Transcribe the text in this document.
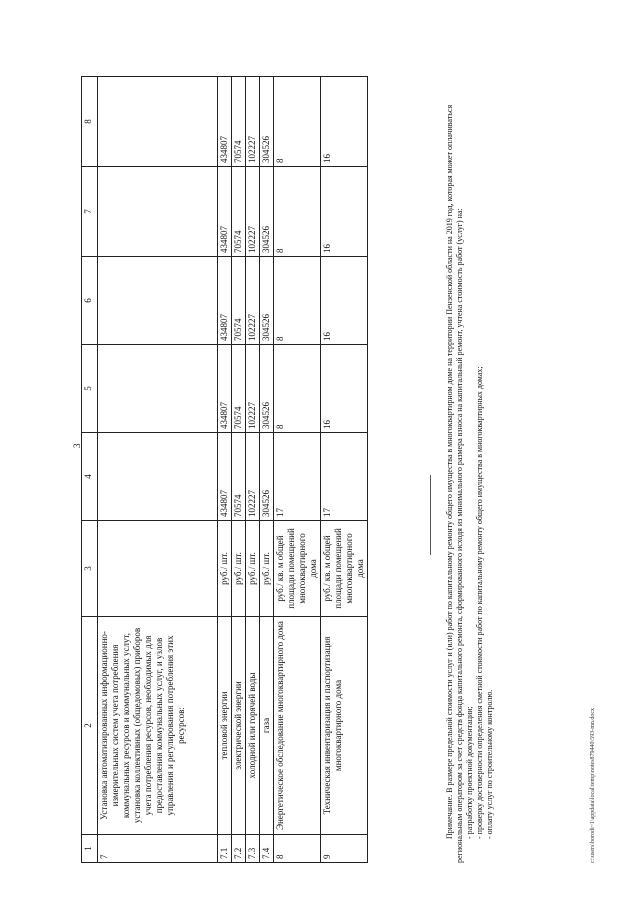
3
1	2	3	4	5	6	7	8
7	Установка автоматизированных информационно-измерительных систем учета потребления коммунальных ресурсов и коммунальных услут, установка коллективных (общедомовых) приборов учета потребления ресурсов, необходимых для предоставления коммунальных услуг, и узлов управления и регулирования потребления этих ресурсов:						
7.1	тепловой энергии	руб./ шт.	434807	434807	434807	434807	434807
7.2	электрической энергии	руб./ шт.	70574	70574	70574	70574	70574
7.3	холодной или горячей воды	руб./ шт.	102227	102227	102227	102227	102227
7.4	газа	руб./ шт.	304526	304526	304526	304526	304526
8	Энергетическое обследование многоквартирного дома	руб./ кв. м общей площади помещений многоквартирного дома	17	8	8	8	8
9	Техническая инвентаризация и паспортизация многоквартирного дома	руб./ кв. м общей площади помещений многоквартирного дома	17	16	16	16	16	Примечание. В размере предельной стоимости услуг и (или) работ по капитальному ремонту общего имущества в многоквартирном доме на территории Пензенской области на 2019 год, которая может оплачиваться региональным оператором за счет средств фонда капитального ремонта, сформированного исходя из минимального размера взноса на капитальный ремонт, учтена стоимость работ (услуг) на: - разработку проектной документации; - проверку достоверности определения сметной стоимости работ по капитальному ремонту общего имущества в многоквартирных домах; - оплату услуг по строительному контролю.	c:\users\borodi~1\appdata\local\temp\notes879440\593-mn.docx
